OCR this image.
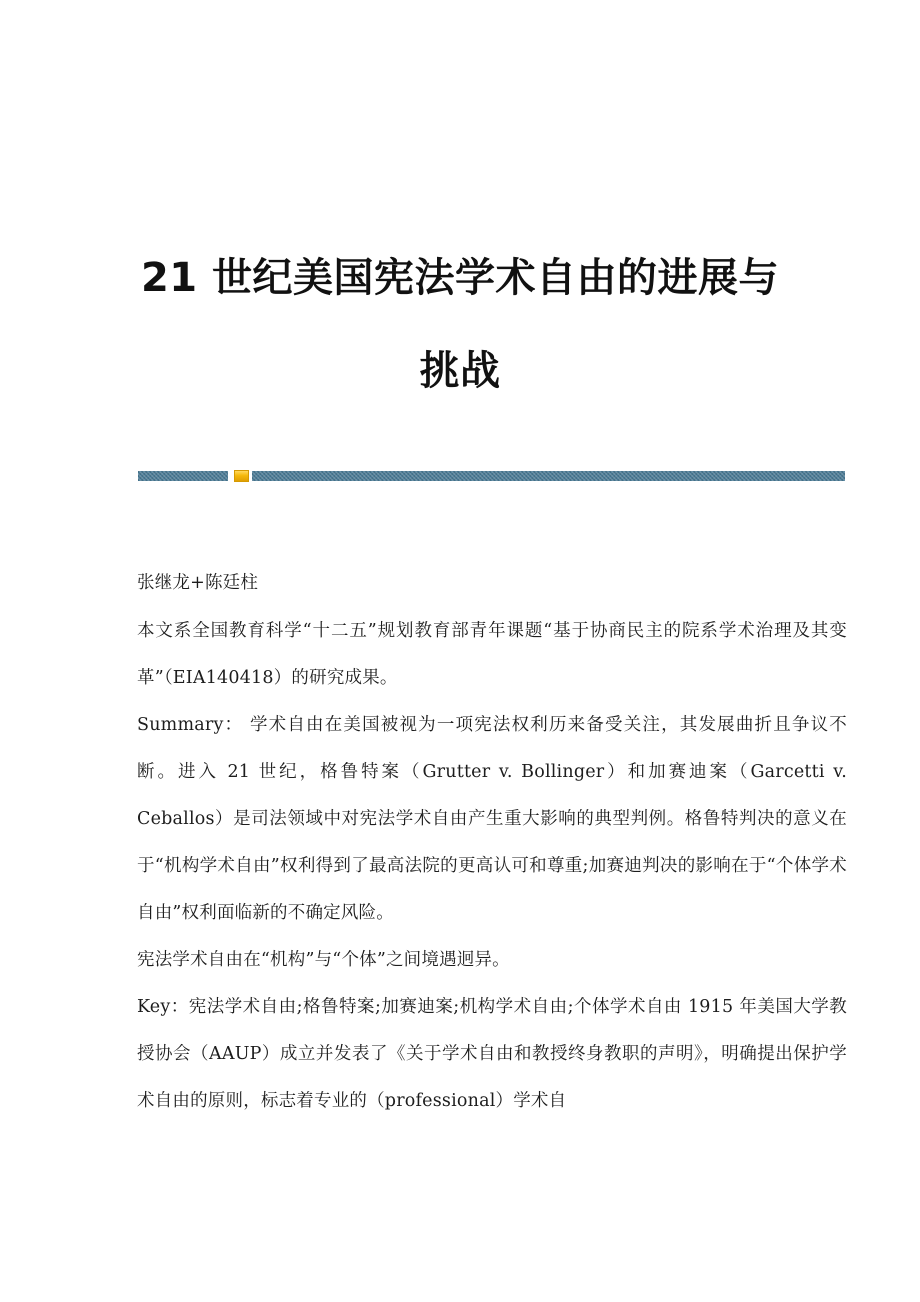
21 世纪美国宪法学术自由的进展与挑战

张继龙+陈廷柱

本文系全国教育科学“十二五”规划教育部青年课题“基于协商民主的院系学术治理及其变革”（EIA140418）的研究成果。

Summary： 学术自由在美国被视为一项宪法权利历来备受关注，其发展曲折且争议不断。进入 21 世纪，格鲁特案（Grutter v. Bollinger）和加赛迪案（Garcetti v. Ceballos）是司法领域中对宪法学术自由产生重大影响的典型判例。格鲁特判决的意义在于“机构学术自由”权利得到了最高法院的更高认可和尊重;加赛迪判决的影响在于“个体学术自由”权利面临新的不确定风险。

宪法学术自由在“机构”与“个体”之间境遇迥异。

Key：宪法学术自由;格鲁特案;加赛迪案;机构学术自由;个体学术自由 1915 年美国大学教授协会（AAUP）成立并发表了《关于学术自由和教授终身教职的声明》，明确提出保护学术自由的原则，标志着专业的（professional）学术自
